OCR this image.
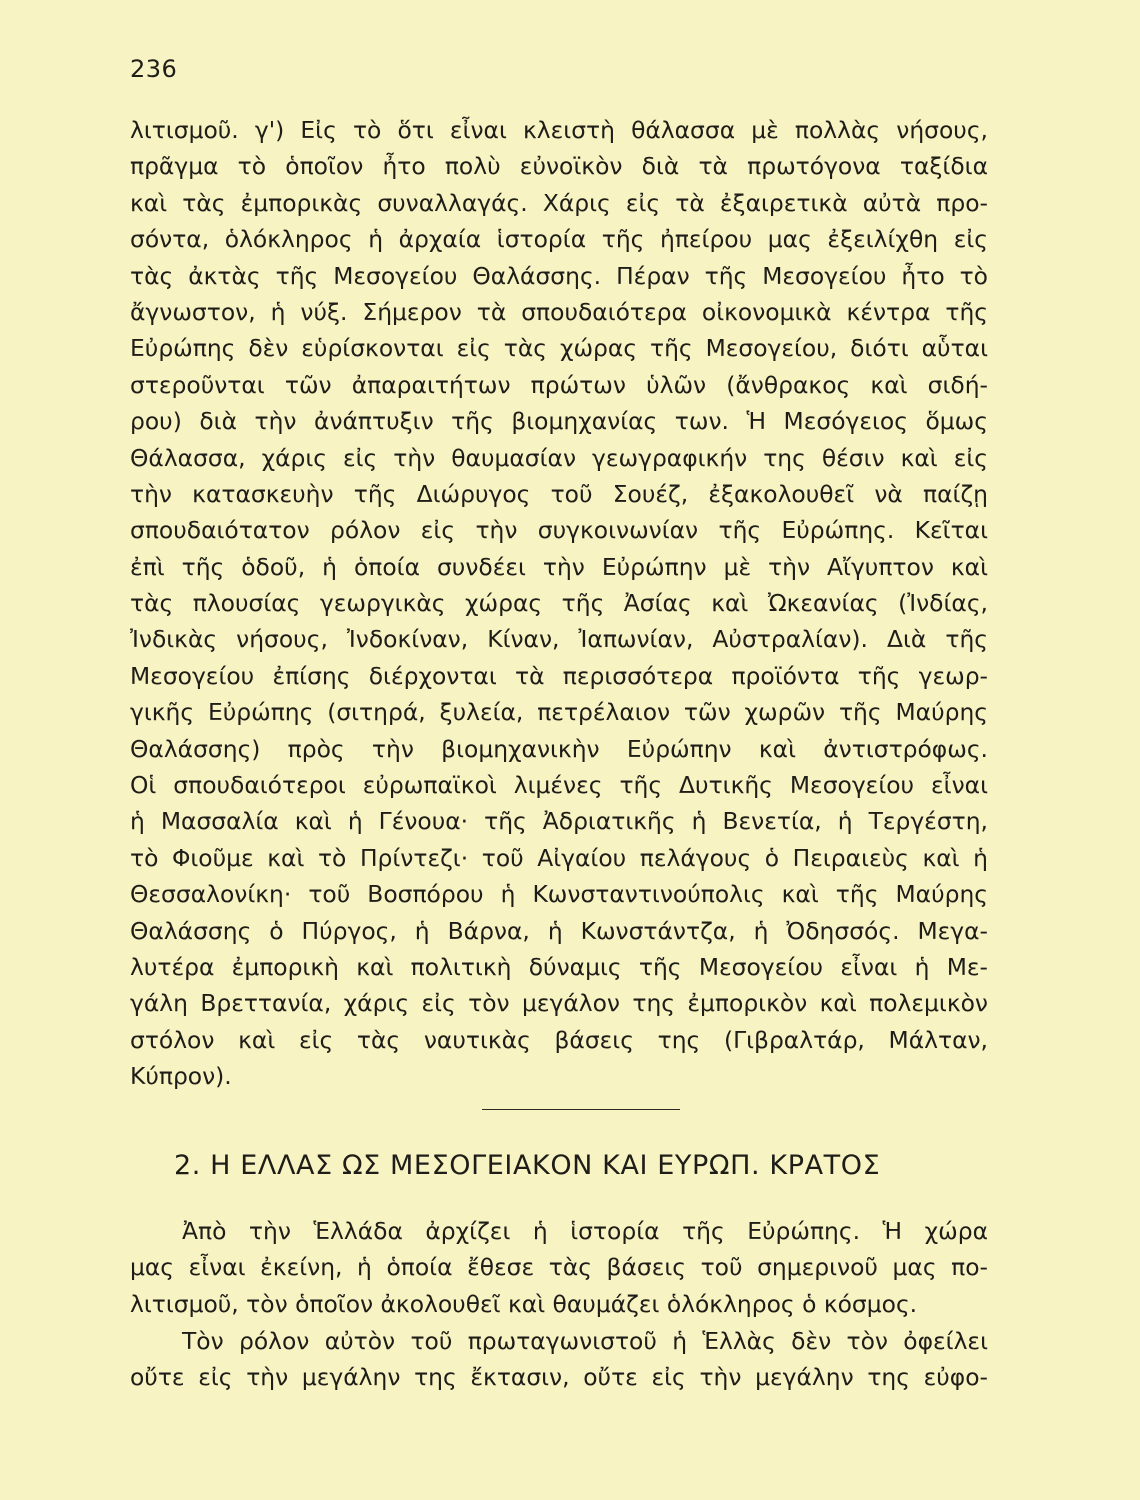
236
λιτισμοῦ. γ') Εἰς τὸ ὅτι εἶναι κλειστὴ θάλασσα μὲ πολλὰς νήσους,
πρᾶγμα τὸ ὁποῖον ἦτο πολὺ εὐνοϊκὸν διὰ τὰ πρωτόγονα ταξίδια
καὶ τὰς ἐμπορικὰς συναλλαγάς. Χάρις εἰς τὰ ἐξαιρετικὰ αὐτὰ προ-
σόντα, ὁλόκληρος ἡ ἀρχαία ἱστορία τῆς ἠπείρου μας ἐξειλίχθη εἰς
τὰς ἀκτὰς τῆς Μεσογείου Θαλάσσης. Πέραν τῆς Μεσογείου ἦτο τὸ
ἄγνωστον, ἡ νύξ. Σήμερον τὰ σπουδαιότερα οἰκονομικὰ κέντρα τῆς
Εὐρώπης δὲν εὑρίσκονται εἰς τὰς χώρας τῆς Μεσογείου, διότι αὗται
στεροῦνται τῶν ἀπαραιτήτων πρώτων ὑλῶν (ἄνθρακος καὶ σιδή-
ρου) διὰ τὴν ἀνάπτυξιν τῆς βιομηχανίας των. Ἡ Μεσόγειος ὅμως
Θάλασσα, χάρις εἰς τὴν θαυμασίαν γεωγραφικήν της θέσιν καὶ εἰς
τὴν κατασκευὴν τῆς Διώρυγος τοῦ Σουέζ, ἐξακολουθεῖ νὰ παίζῃ
σπουδαιότατον ρόλον εἰς τὴν συγκοινωνίαν τῆς Εὐρώπης. Κεῖται
ἐπὶ τῆς ὁδοῦ, ἡ ὁποία συνδέει τὴν Εὐρώπην μὲ τὴν Αἴγυπτον καὶ
τὰς πλουσίας γεωργικὰς χώρας τῆς Ἀσίας καὶ Ὠκεανίας (Ἰνδίας,
Ἰνδικὰς νήσους, Ἰνδοκίναν, Κίναν, Ἰαπωνίαν, Αὐστραλίαν). Διὰ τῆς
Μεσογείου ἐπίσης διέρχονται τὰ περισσότερα προϊόντα τῆς γεωρ-
γικῆς Εὐρώπης (σιτηρά, ξυλεία, πετρέλαιον τῶν χωρῶν τῆς Μαύρης
Θαλάσσης) πρὸς τὴν βιομηχανικὴν Εὐρώπην καὶ ἀντιστρόφως.
Οἱ σπουδαιότεροι εὐρωπαϊκοὶ λιμένες τῆς Δυτικῆς Μεσογείου εἶναι
ἡ Μασσαλία καὶ ἡ Γένουα· τῆς Ἀδριατικῆς ἡ Βενετία, ἡ Τεργέστη,
τὸ Φιοῦμε καὶ τὸ Πρίντεζι· τοῦ Αἰγαίου πελάγους ὁ Πειραιεὺς καὶ ἡ
Θεσσαλονίκη· τοῦ Βοσπόρου ἡ Κωνσταντινούπολις καὶ τῆς Μαύρης
Θαλάσσης ὁ Πύργος, ἡ Βάρνα, ἡ Κωνστάντζα, ἡ Ὀδησσός. Μεγα-
λυτέρα ἐμπορικὴ καὶ πολιτικὴ δύναμις τῆς Μεσογείου εἶναι ἡ Με-
γάλη Βρεττανία, χάρις εἰς τὸν μεγάλον της ἐμπορικὸν καὶ πολεμικὸν
στόλον καὶ εἰς τὰς ναυτικὰς βάσεις της (Γιβραλτάρ, Μάλταν,
Κύπρον).
2. Η ΕΛΛΑΣ ΩΣ ΜΕΣΟΓΕΙΑΚΟΝ ΚΑΙ ΕΥΡΩΠ. ΚΡΑΤΟΣ
Ἀπὸ τὴν Ἑλλάδα ἀρχίζει ἡ ἱστορία τῆς Εὐρώπης. Ἡ χώρα
μας εἶναι ἐκείνη, ἡ ὁποία ἔθεσε τὰς βάσεις τοῦ σημερινοῦ μας πο-
λιτισμοῦ, τὸν ὁποῖον ἀκολουθεῖ καὶ θαυμάζει ὁλόκληρος ὁ κόσμος.
Τὸν ρόλον αὐτὸν τοῦ πρωταγωνιστοῦ ἡ Ἑλλὰς δὲν τὸν ὀφείλει
οὔτε εἰς τὴν μεγάλην της ἔκτασιν, οὔτε εἰς τὴν μεγάλην της εὐφο-
